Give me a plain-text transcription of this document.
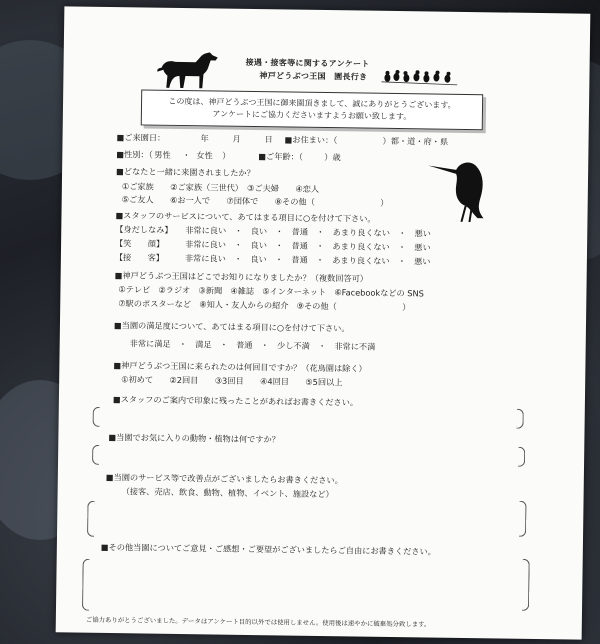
接遇・接客等に関するアンケート
神戸どうぶつ王国　園長行き
この度は、神戸どうぶつ王国に御来園頂きまして、誠にありがとうございます。
アンケートにご協力くださいますようお願い致します。
■ご来園日：	年	月	日 ■お住まい：（	）都・道・府・県
■性別：（ 男性 ・ 女性 ）	■ご年齢：（	）歳
■どなたと一緒に来園されましたか？
①ご家族　　②ご家族（三世代）　③ご夫婦　　④恋人
⑤ご友人　　⑥お一人で　　⑦団体で　　⑧その他（　　　　　　　　）
■スタッフのサービスについて、あてはまる項目に○を付けて下さい。
【身だしなみ】 非常に良い　・　良い　・　普通　・　あまり良くない　・　悪い
【笑　　顔】	非常に良い　・　良い　・　普通　・　あまり良くない　・　悪い
【接　　客】	非常に良い　・　良い　・　普通　・　あまり良くない　・　悪い
■神戸どうぶつ王国はどこでお知りになりましたか？（複数回答可）
①テレビ　②ラジオ　③新聞　④雑誌　⑤インターネット　⑥Facebookなどの SNS
⑦駅のポスターなど　⑧知人・友人からの紹介　⑨その他（　　　　　　　　）
■当園の満足度について、あてはまる項目に○を付けて下さい。
非常に満足　・　満足　・　普通　・　少し不満　・　非常に不満
■神戸どうぶつ王国に来られたのは何回目ですか？（花鳥園は除く）
①初めて　　②2回目　　③3回目　　④4回目　　⑤5回以上
■スタッフのご案内で印象に残ったことがあればお書きください。
■当園でお気に入りの動物・植物は何ですか？
■当園のサービス等で改善点がございましたらお書きください。
（接客、売店、飲食、動物、植物、イベント、施設など）
■その他当園についてご意見・ご感想・ご要望がございましたらご自由にお書きください。
ご協力ありがとうございました。データはアンケート目的以外では使用しません。使用後は速やかに破棄処分致します。
